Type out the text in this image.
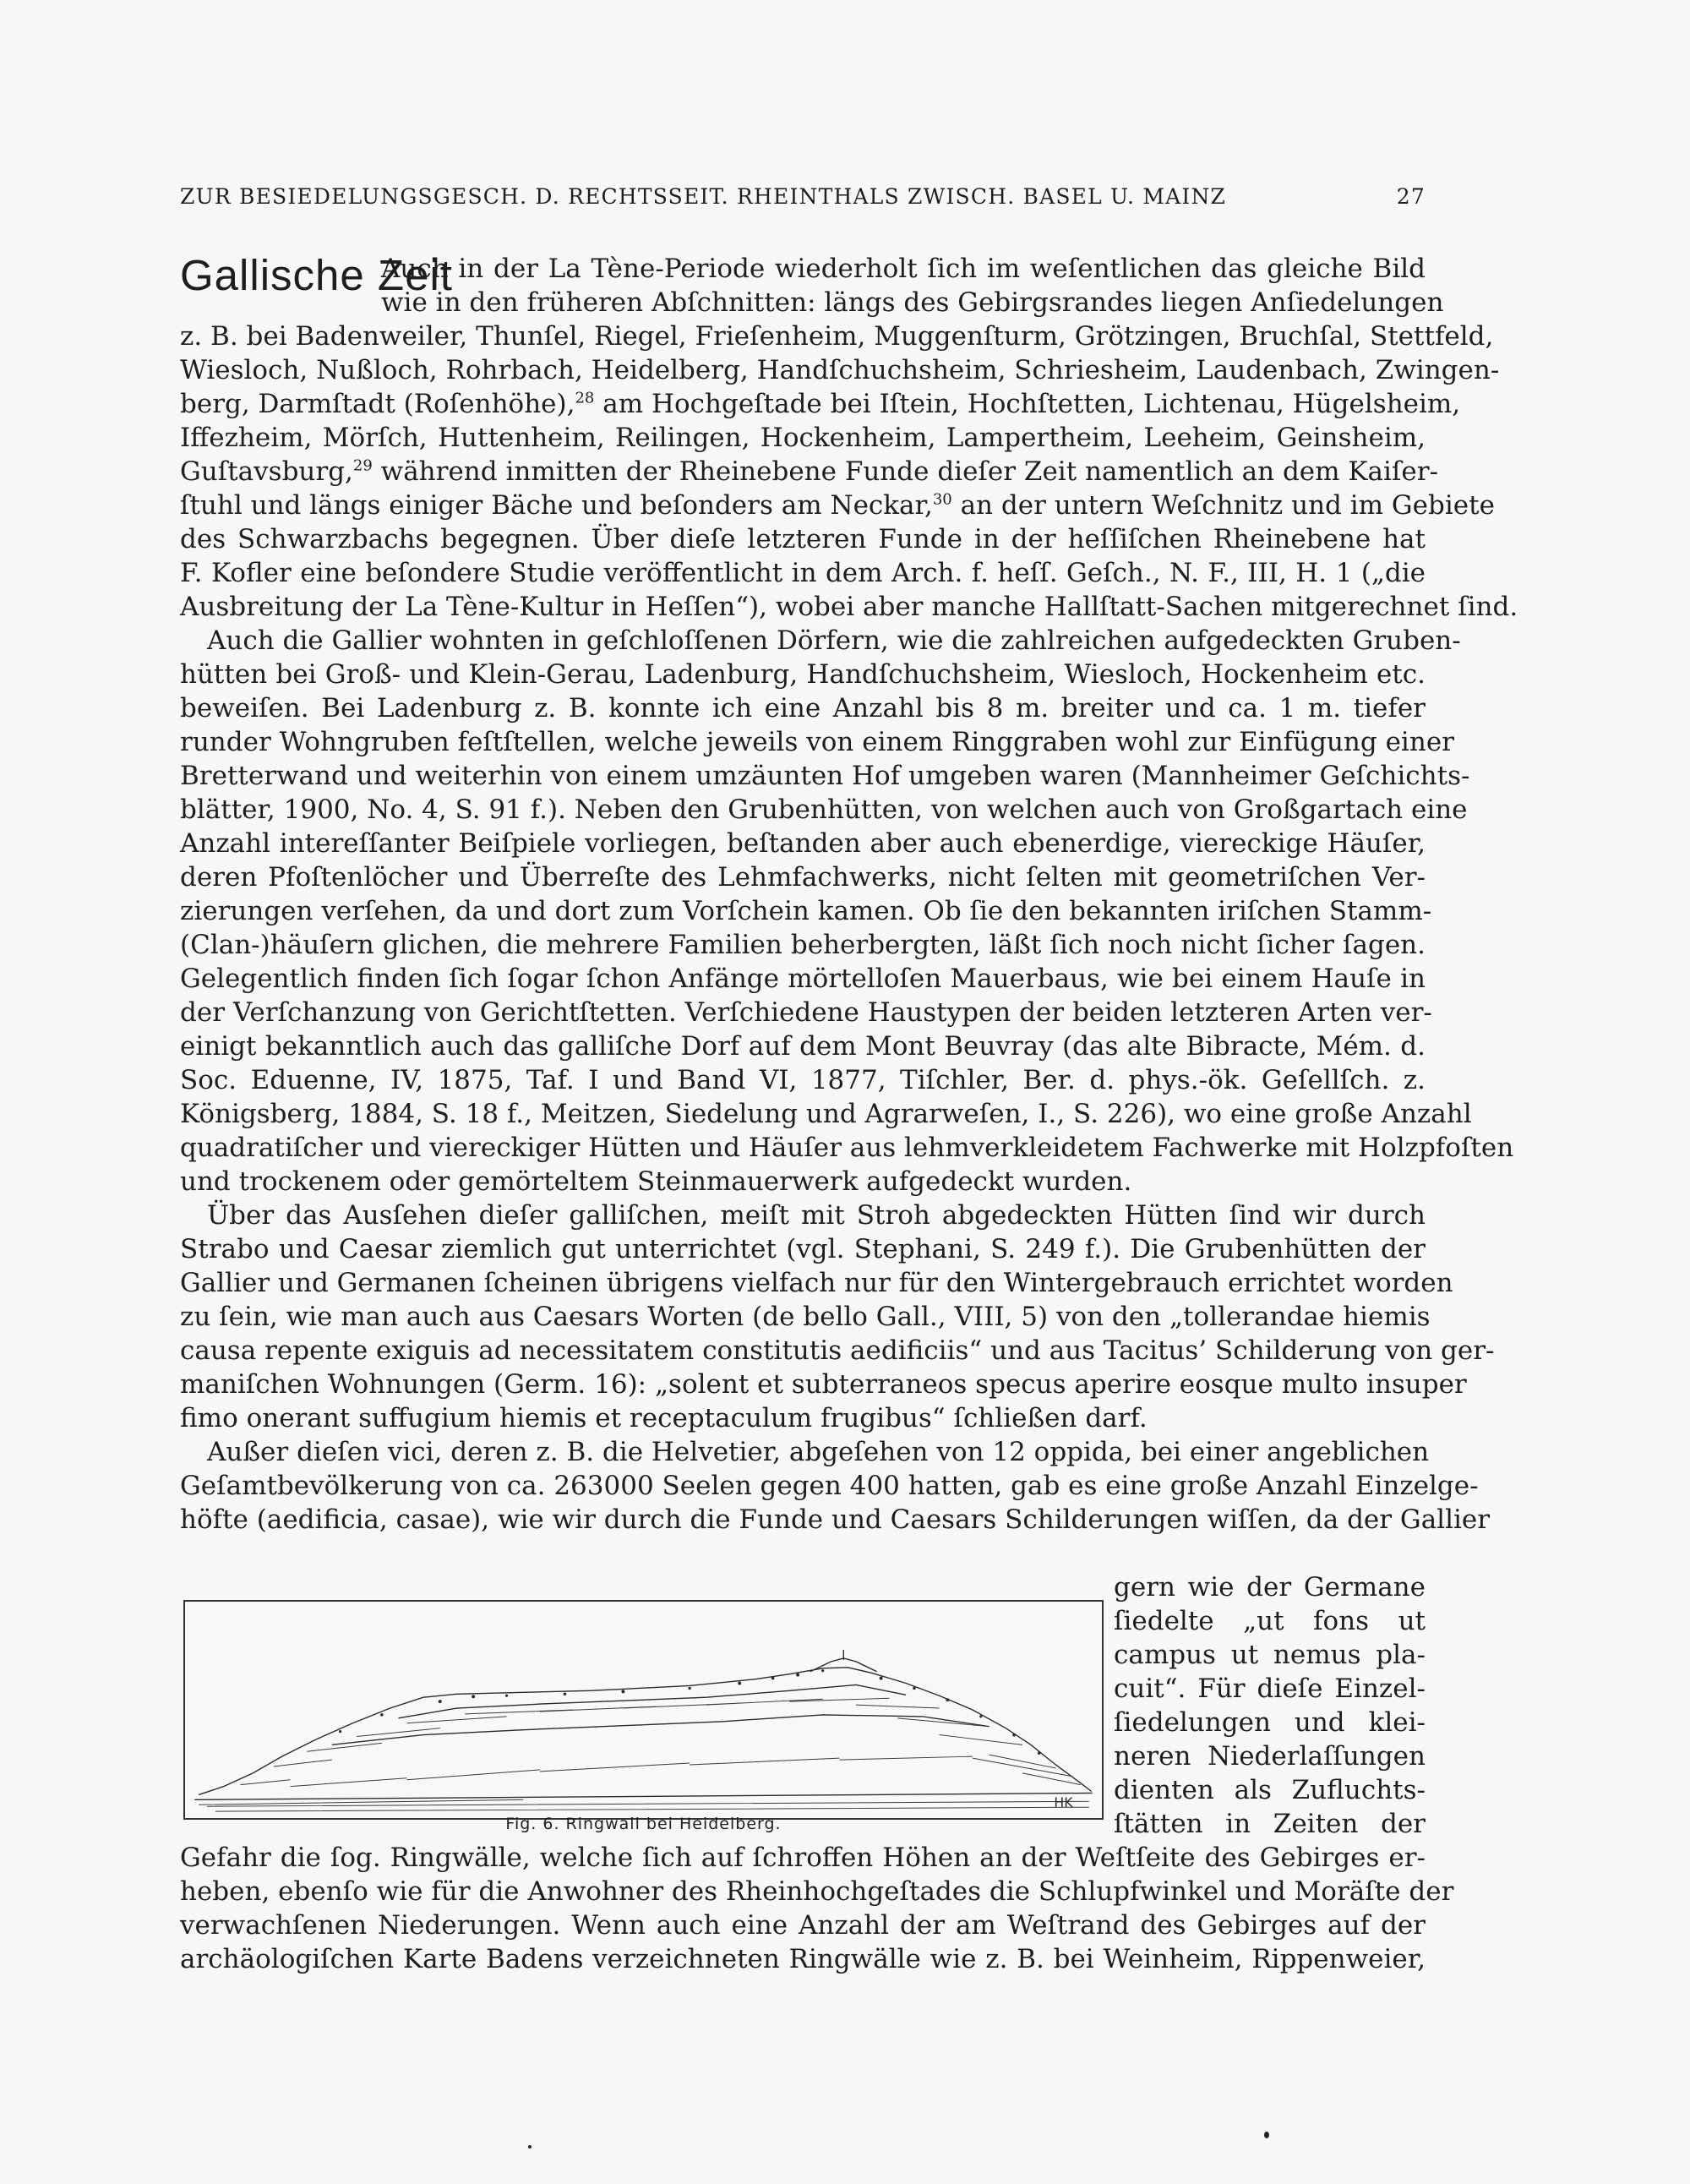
ZUR BESIEDELUNGSGESCH. D. RECHTSSEIT. RHEINTHALS ZWISCH. BASEL U. MAINZ	27
Gallische Zeit
Auch in der La Tène-Periode wiederholt ſich im weſentlichen das gleiche Bild
wie in den früheren Abſchnitten: längs des Gebirgsrandes liegen Anſiedelungen
z. B. bei Badenweiler, Thunſel, Riegel, Frieſenheim, Muggenſturm, Grötzingen, Bruchſal, Stettfeld,
Wiesloch, Nußloch, Rohrbach, Heidelberg, Handſchuchsheim, Schriesheim, Laudenbach, Zwingen-
berg, Darmſtadt (Roſenhöhe),$^{28}$ am Hochgeſtade bei Iſtein, Hochſtetten, Lichtenau, Hügelsheim,
Iffezheim, Mörſch, Huttenheim, Reilingen, Hockenheim, Lampertheim, Leeheim, Geinsheim,
Guſtavsburg,$^{29}$ während inmitten der Rheinebene Funde dieſer Zeit namentlich an dem Kaiſer-
ſtuhl und längs einiger Bäche und beſonders am Neckar,$^{30}$ an der untern Weſchnitz und im Gebiete
des Schwarzbachs begegnen. Über dieſe letzteren Funde in der heſſiſchen Rheinebene hat
F. Kofler eine beſondere Studie veröffentlicht in dem Arch. f. heſſ. Geſch., N. F., III, H. 1 („die
Ausbreitung der La Tène-Kultur in Heſſen“), wobei aber manche Hallſtatt-Sachen mitgerechnet ſind.
Auch die Gallier wohnten in geſchloſſenen Dörfern, wie die zahlreichen aufgedeckten Gruben-
hütten bei Groß- und Klein-Gerau, Ladenburg, Handſchuchsheim, Wiesloch, Hockenheim etc.
beweiſen. Bei Ladenburg z. B. konnte ich eine Anzahl bis 8 m. breiter und ca. 1 m. tiefer
runder Wohngruben feſtſtellen, welche jeweils von einem Ringgraben wohl zur Einfügung einer
Bretterwand und weiterhin von einem umzäunten Hof umgeben waren (Mannheimer Geſchichts-
blätter, 1900, No. 4, S. 91 f.). Neben den Grubenhütten, von welchen auch von Großgartach eine
Anzahl intereſſanter Beiſpiele vorliegen, beſtanden aber auch ebenerdige, viereckige Häuſer,
deren Pfoſtenlöcher und Überreſte des Lehmfachwerks, nicht ſelten mit geometriſchen Ver-
zierungen verſehen, da und dort zum Vorſchein kamen. Ob ſie den bekannten iriſchen Stamm-
(Clan-)häuſern glichen, die mehrere Familien beherbergten, läßt ſich noch nicht ſicher ſagen.
Gelegentlich finden ſich ſogar ſchon Anfänge mörtelloſen Mauerbaus, wie bei einem Hauſe in
der Verſchanzung von Gerichtſtetten. Verſchiedene Haustypen der beiden letzteren Arten ver-
einigt bekanntlich auch das galliſche Dorf auf dem Mont Beuvray (das alte Bibracte, Mém. d.
Soc. Eduenne, IV, 1875, Taf. I und Band VI, 1877, Tiſchler, Ber. d. phys.-ök. Geſellſch. z.
Königsberg, 1884, S. 18 f., Meitzen, Siedelung und Agrarweſen, I., S. 226), wo eine große Anzahl
quadratiſcher und viereckiger Hütten und Häuſer aus lehmverkleidetem Fachwerke mit Holzpfoſten
und trockenem oder gemörteltem Steinmauerwerk aufgedeckt wurden.
Über das Ausſehen dieſer galliſchen, meiſt mit Stroh abgedeckten Hütten ſind wir durch
Strabo und Caesar ziemlich gut unterrichtet (vgl. Stephani, S. 249 f.). Die Grubenhütten der
Gallier und Germanen ſcheinen übrigens vielfach nur für den Wintergebrauch errichtet worden
zu ſein, wie man auch aus Caesars Worten (de bello Gall., VIII, 5) von den „tollerandae hiemis
causa repente exiguis ad necessitatem constitutis aedificiis“ und aus Tacitus’ Schilderung von ger-
maniſchen Wohnungen (Germ. 16): „solent et subterraneos specus aperire eosque multo insuper
fimo onerant suffugium hiemis et receptaculum frugibus“ ſchließen darf.
Außer dieſen vici, deren z. B. die Helvetier, abgeſehen von 12 oppida, bei einer angeblichen
Geſamtbevölkerung von ca. 263000 Seelen gegen 400 hatten, gab es eine große Anzahl Einzelge-
höfte (aedificia, casae), wie wir durch die Funde und Caesars Schilderungen wiſſen, da der Gallier
gern wie der Germane
ſiedelte „ut fons ut
campus ut nemus pla-
cuit“. Für dieſe Einzel-
ſiedelungen und klei-
neren Niederlaſſungen
dienten als Zufluchts-
ſtätten in Zeiten der
Gefahr die ſog. Ringwälle, welche ſich auf ſchroffen Höhen an der Weſtſeite des Gebirges er-
heben, ebenſo wie für die Anwohner des Rheinhochgeſtades die Schlupfwinkel und Moräſte der
verwachſenen Niederungen. Wenn auch eine Anzahl der am Weſtrand des Gebirges auf der
archäologiſchen Karte Badens verzeichneten Ringwälle wie z. B. bei Weinheim, Rippenweier,
HK
Fig. 6. Ringwall bei Heidelberg.
